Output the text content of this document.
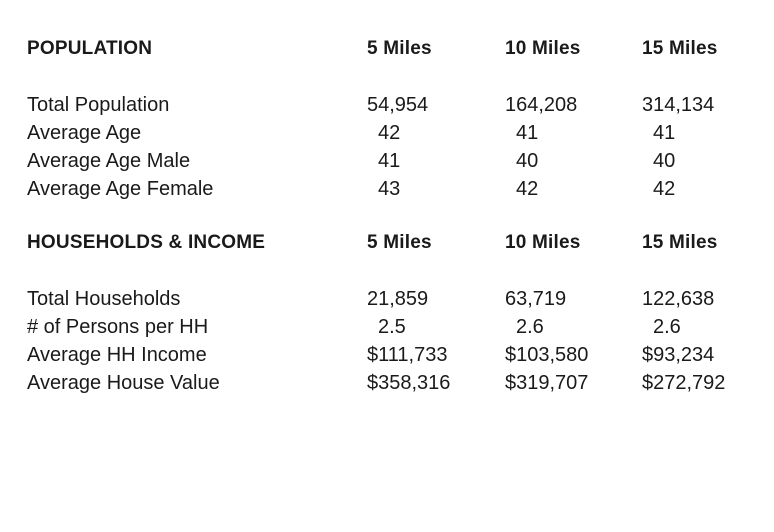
POPULATION	5 Miles	10 Miles	15 Miles
Total Population	54,954	164,208	314,134
Average Age	42	41	41
Average Age Male	41	40	40
Average Age Female	43	42	42
HOUSEHOLDS & INCOME	5 Miles	10 Miles	15 Miles
Total Households	21,859	63,719	122,638
# of Persons per HH	2.5	2.6	2.6
Average HH Income	$111,733	$103,580	$93,234
Average House Value	$358,316	$319,707	$272,792
